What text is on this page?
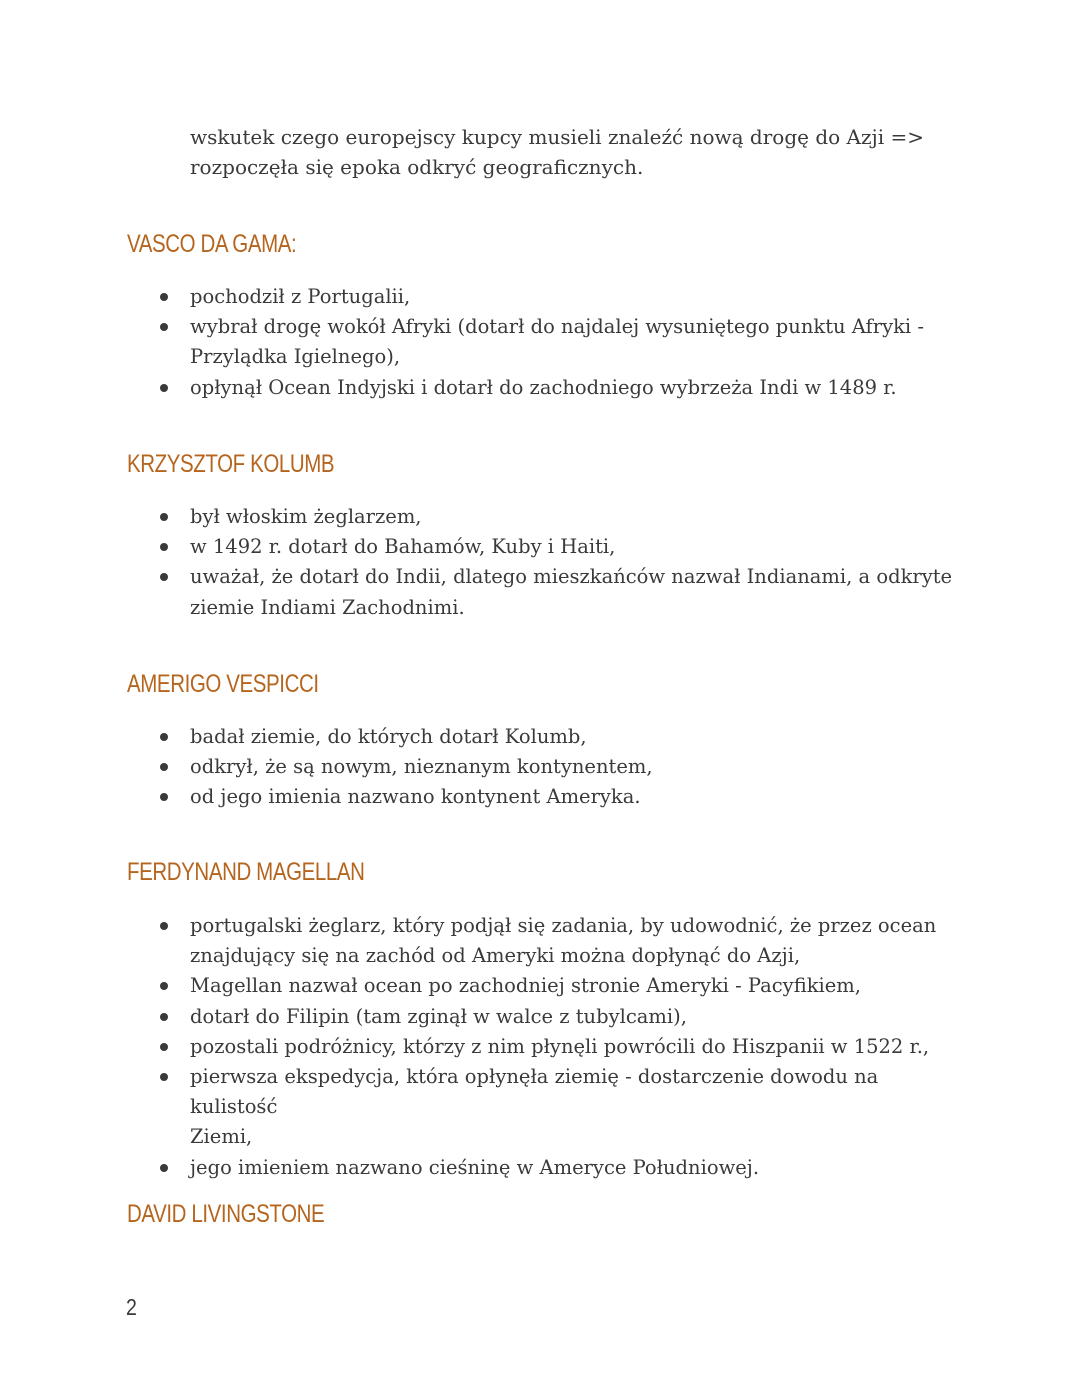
wskutek czego europejscy kupcy musieli znaleźć nową drogę do Azji =>
rozpoczęła się epoka odkryć geograficznych.
VASCO DA GAMA:
pochodził z Portugalii,
wybrał drogę wokół Afryki (dotarł do najdalej wysuniętego punktu Afryki -
Przylądka Igielnego),
opłynął Ocean Indyjski i dotarł do zachodniego wybrzeża Indi w 1489 r.
KRZYSZTOF KOLUMB
był włoskim żeglarzem,
w 1492 r. dotarł do Bahamów, Kuby i Haiti,
uważał, że dotarł do Indii, dlatego mieszkańców nazwał Indianami, a odkryte
ziemie Indiami Zachodnimi.
AMERIGO VESPICCI
badał ziemie, do których dotarł Kolumb,
odkrył, że są nowym, nieznanym kontynentem,
od jego imienia nazwano kontynent Ameryka.
FERDYNAND MAGELLAN
portugalski żeglarz, który podjął się zadania, by udowodnić, że przez ocean
znajdujący się na zachód od Ameryki można dopłynąć do Azji,
Magellan nazwał ocean po zachodniej stronie Ameryki - Pacyfikiem,
dotarł do Filipin (tam zginął w walce z tubylcami),
pozostali podróżnicy, którzy z nim płynęli powrócili do Hiszpanii w 1522 r.,
pierwsza ekspedycja, która opłynęła ziemię - dostarczenie dowodu na kulistość
Ziemi,
jego imieniem nazwano cieśninę w Ameryce Południowej.
DAVID LIVINGSTONE
2
